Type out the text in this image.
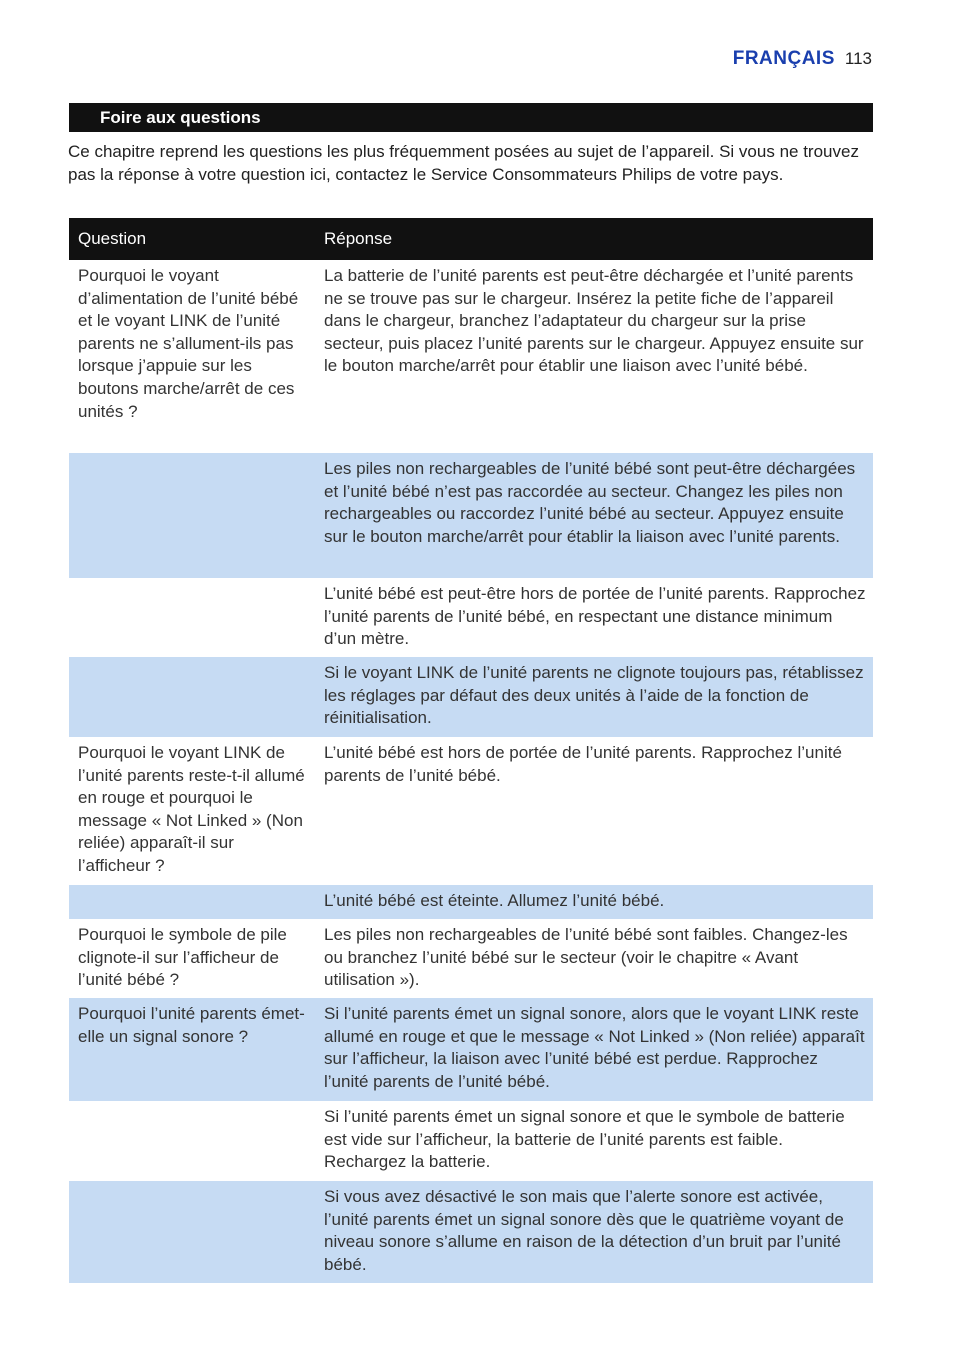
FRANÇAIS 113
Foire aux questions

Ce chapitre reprend les questions les plus fréquemment posées au sujet de l’appareil. Si vous ne trouvez pas la réponse à votre question ici, contactez le Service Consommateurs Philips de votre pays.

Question	Réponse
Pourquoi le voyant d’alimentation de l’unité bébé et le voyant LINK de l’unité parents ne s’allument-ils pas lorsque j’appuie sur les boutons marche/arrêt de ces unités ?	La batterie de l’unité parents est peut-être déchargée et l’unité parents ne se trouve pas sur le chargeur. Insérez la petite fiche de l’appareil dans le chargeur, branchez l’adaptateur du chargeur sur la prise secteur, puis placez l’unité parents sur le chargeur. Appuyez ensuite sur le bouton marche/arrêt pour établir une liaison avec l’unité bébé.
	Les piles non rechargeables de l’unité bébé sont peut-être déchargées et l’unité bébé n’est pas raccordée au secteur. Changez les piles non rechargeables ou raccordez l’unité bébé au secteur. Appuyez ensuite sur le bouton marche/arrêt pour établir la liaison avec l’unité parents.
	L’unité bébé est peut-être hors de portée de l’unité parents. Rapprochez l’unité parents de l’unité bébé, en respectant une distance minimum d’un mètre.
	Si le voyant LINK de l’unité parents ne clignote toujours pas, rétablissez les réglages par défaut des deux unités à l’aide de la fonction de réinitialisation.
Pourquoi le voyant LINK de l’unité parents reste-t-il allumé en rouge et pourquoi le message « Not Linked » (Non reliée) apparaît-il sur l’afficheur ?	L’unité bébé est hors de portée de l’unité parents. Rapprochez l’unité parents de l’unité bébé.
	L’unité bébé est éteinte. Allumez l’unité bébé.
Pourquoi le symbole de pile clignote-il sur l’afficheur de l’unité bébé ?	Les piles non rechargeables de l’unité bébé sont faibles. Changez-les ou branchez l’unité bébé sur le secteur (voir le chapitre « Avant utilisation »).
Pourquoi l’unité parents émet-elle un signal sonore ?	Si l’unité parents émet un signal sonore, alors que le voyant LINK reste allumé en rouge et que le message « Not Linked » (Non reliée) apparaît sur l’afficheur, la liaison avec l’unité bébé est perdue. Rapprochez l’unité parents de l’unité bébé.
	Si l’unité parents émet un signal sonore et que le symbole de batterie est vide sur l’afficheur, la batterie de l’unité parents est faible. Rechargez la batterie.
	Si vous avez désactivé le son mais que l’alerte sonore est activée, l’unité parents émet un signal sonore dès que le quatrième voyant de niveau sonore s’allume en raison de la détection d’un bruit par l’unité bébé.
